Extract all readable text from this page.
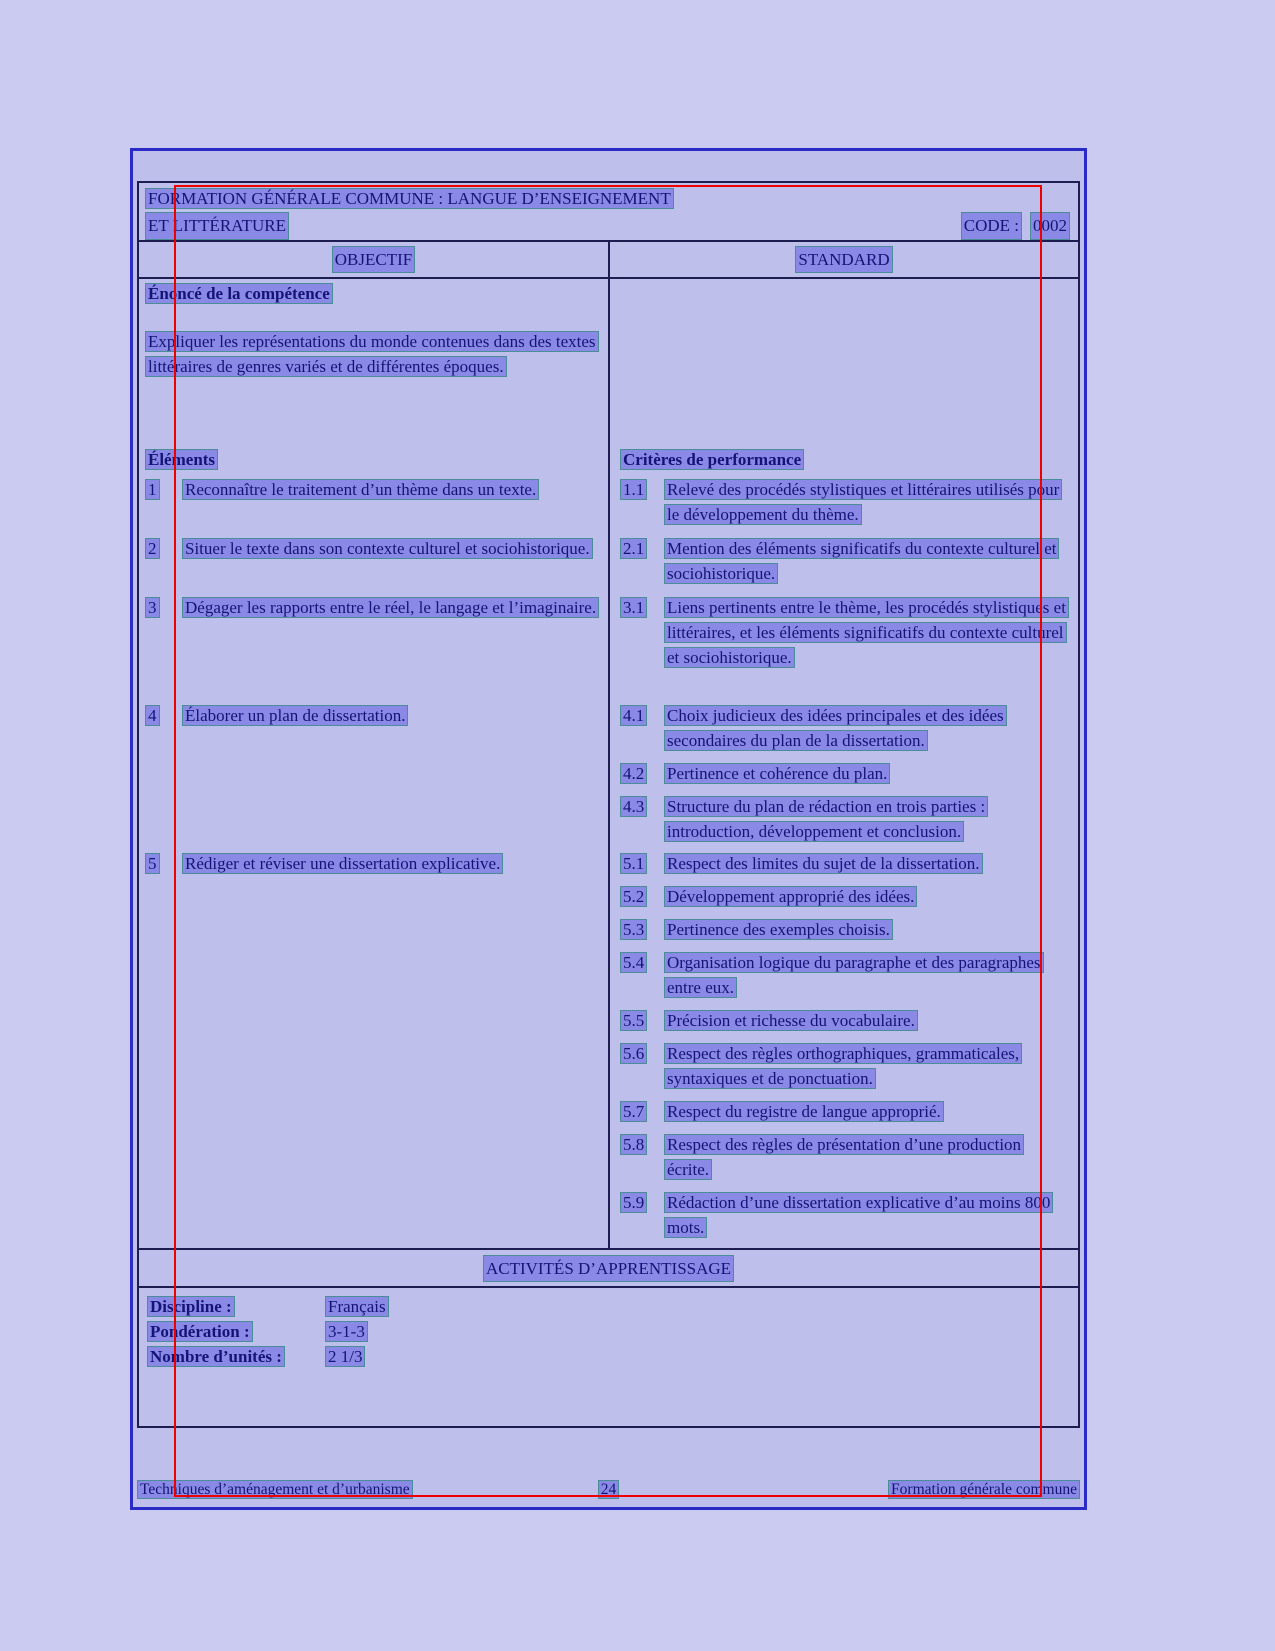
FORMATION GÉNÉRALE COMMUNE : LANGUE D’ENSEIGNEMENT
ET LITTÉRATURE	CODE : 0002
OBJECTIF	STANDARD
Énoncé de la compétence
Expliquer les représentations du monde contenues dans des textes littéraires de genres variés et de différentes époques.
Éléments	Critères de performance
1	Reconnaître le traitement d’un thème dans un texte.	1.1	Relevé des procédés stylistiques et littéraires utilisés pour le développement du thème.
2	Situer le texte dans son contexte culturel et sociohistorique.	2.1	Mention des éléments significatifs du contexte culturel et sociohistorique.
3	Dégager les rapports entre le réel, le langage et l’imaginaire.	3.1	Liens pertinents entre le thème, les procédés stylistiques et littéraires, et les éléments significatifs du contexte culturel et sociohistorique.
4	Élaborer un plan de dissertation.	4.1	Choix judicieux des idées principales et des idées secondaires du plan de la dissertation.
4.2	Pertinence et cohérence du plan.
4.3	Structure du plan de rédaction en trois parties : introduction, développement et conclusion.
5	Rédiger et réviser une dissertation explicative.	5.1	Respect des limites du sujet de la dissertation.
5.2	Développement approprié des idées.
5.3	Pertinence des exemples choisis.
5.4	Organisation logique du paragraphe et des paragraphes entre eux.
5.5	Précision et richesse du vocabulaire.
5.6	Respect des règles orthographiques, grammaticales, syntaxiques et de ponctuation.
5.7	Respect du registre de langue approprié.
5.8	Respect des règles de présentation d’une production écrite.
5.9	Rédaction d’une dissertation explicative d’au moins 800 mots.
ACTIVITÉS D’APPRENTISSAGE
Discipline :	Français
Pondération :	3-1-3
Nombre d’unités :	2 1/3
Techniques d’aménagement et d’urbanisme	24	Formation générale commune
